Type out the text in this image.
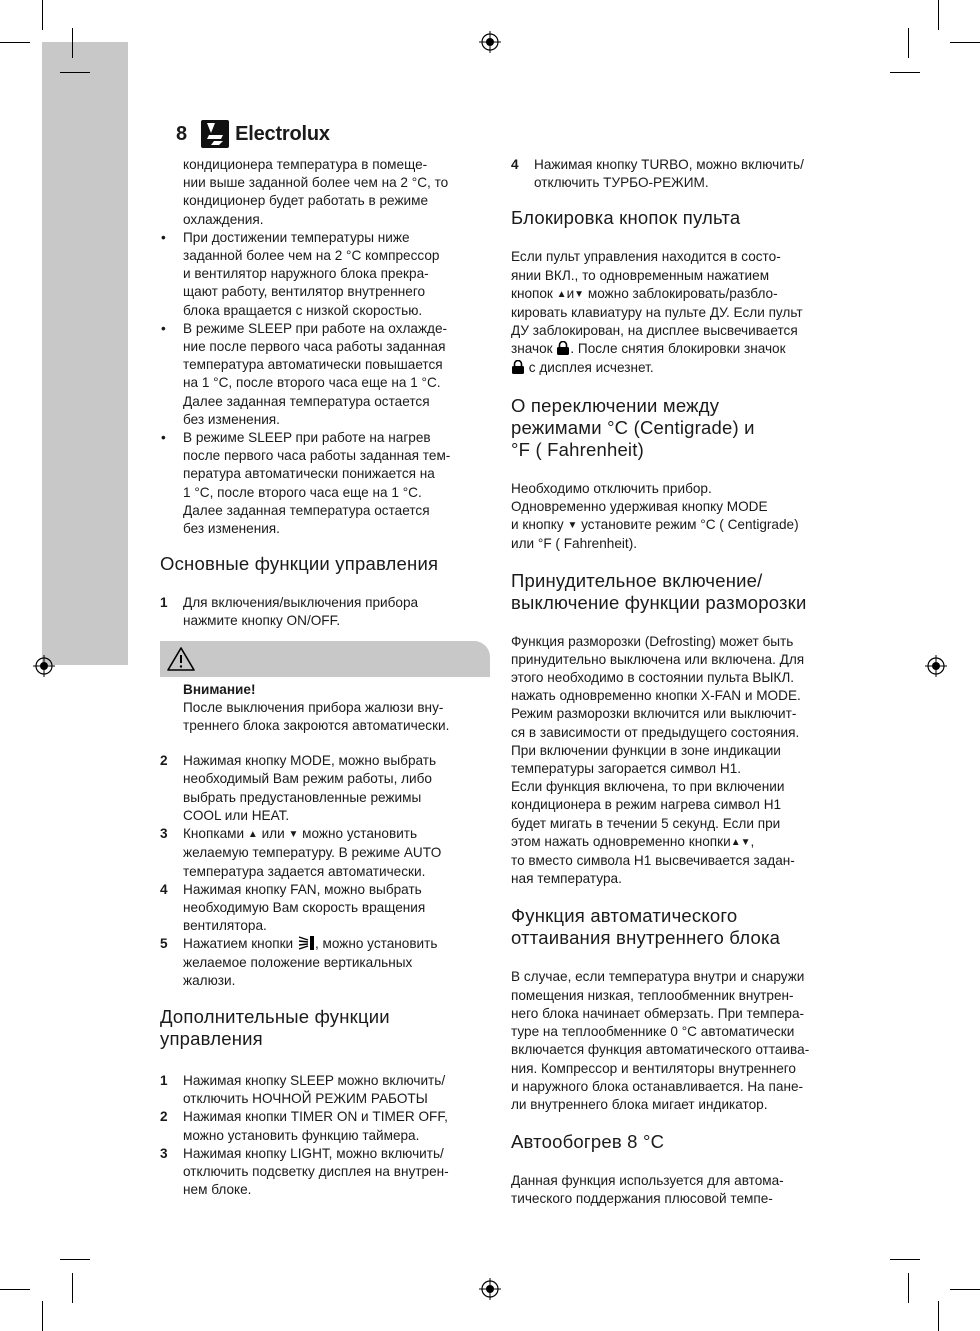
8 Electrolux

кондиционера температура в помеще-
нии выше заданной более чем на 2 °С, то
кондиционер будет работать в режиме
охлаждения.

• При достижении температуры ниже
заданной более чем на 2 °С компрессор
и вентилятор наружного блока прекра-
щают работу, вентилятор внутреннего
блока вращается с низкой скоростью.

• В режиме SLEEP при работе на охлажде-
ние после первого часа работы заданная
температура автоматически повышается
на 1 °С, после второго часа еще на 1 °С.
Далее заданная температура остается
без изменения.

• В режиме SLEEP при работе на нагрев
после первого часа работы заданная тем-
пература автоматически понижается на
1 °С, после второго часа еще на 1 °С.
Далее заданная температура остается
без изменения.

Основные функции управления
1 Для включения/выключения прибора
нажмите кнопку ON/OFF.

Внимание!

После выключения прибора жалюзи вну-
треннего блока закроются автоматически.

2 Нажимая кнопку MODE, можно выбрать
необходимый Вам режим работы, либо
выбрать предустановленные режимы
COOL или HEAT.

3 Кнопками ▲ или ▼ можно установить
желаемую температуру. В режиме AUTO
температура задается автоматически.

4 Нажимая кнопку FAN, можно выбрать
необходимую Вам скорость вращения
вентилятора.

5 Нажатием кнопки , можно установить
желаемое положение вертикальных
жалюзи.

Дополнительные функции
управления
1 Нажимая кнопку SLEEP можно включить/
отключить НОЧНОЙ РЕЖИМ РАБОТЫ

2 Нажимая кнопки TIMER ON и TIMER OFF,
можно установить функцию таймера.

3 Нажимая кнопку LIGHT, можно включить/
отключить подсветку дисплея на внутрен-
нем блоке.

4 Нажимая кнопку TURBO, можно включить/
отключить ТУРБО-РЕЖИМ.

Блокировка кнопок пульта

Если пульт управления находится в состо-
янии ВКЛ., то одновременным нажатием
кнопок ▲и▼ можно заблокировать/разбло-
кировать клавиатуру на пульте ДУ. Если пульт
ДУ заблокирован, на дисплее высвечивается
значок . После снятия блокировки значок
с дисплея исчезнет.

О переключении между
режимами °С (Centigrade) и
°F ( Fahrenheit)

Необходимо отключить прибор.
Одновременно удерживая кнопку MODE
и кнопку ▼ установите режим °С ( Centigrade)
или °F ( Fahrenheit).

Принудительное включение/
выключение функции разморозки

Функция разморозки (Defrosting) может быть
принудительно выключена или включена. Для
этого необходимо в состоянии пульта ВЫКЛ.
нажать одновременно кнопки X-FAN и MODE.
Режим разморозки включится или выключит-
ся в зависимости от предыдущего состояния.
При включении функции в зоне индикации
температуры загорается символ H1.
Если функция включена, то при включении
кондиционера в режим нагрева символ H1
будет мигать в течении 5 секунд. Если при
этом нажать одновременно кнопки▲▼,
то вместо символа H1 высвечивается задан-
ная температура.

Функция автоматического
оттаивания внутреннего блока

В случае, если температура внутри и снаружи
помещения низкая, теплообменник внутрен-
него блока начинает обмерзать. При темпера-
туре на теплообменнике 0 °С автоматически
включается функция автоматического оттаива-
ния. Компрессор и вентиляторы внутреннего
и наружного блока останавливается. На пане-
ли внутреннего блока мигает индикатор.

Автообогрев 8 °С

Данная функция используется для автома-
тического поддержания плюсовой темпе-
